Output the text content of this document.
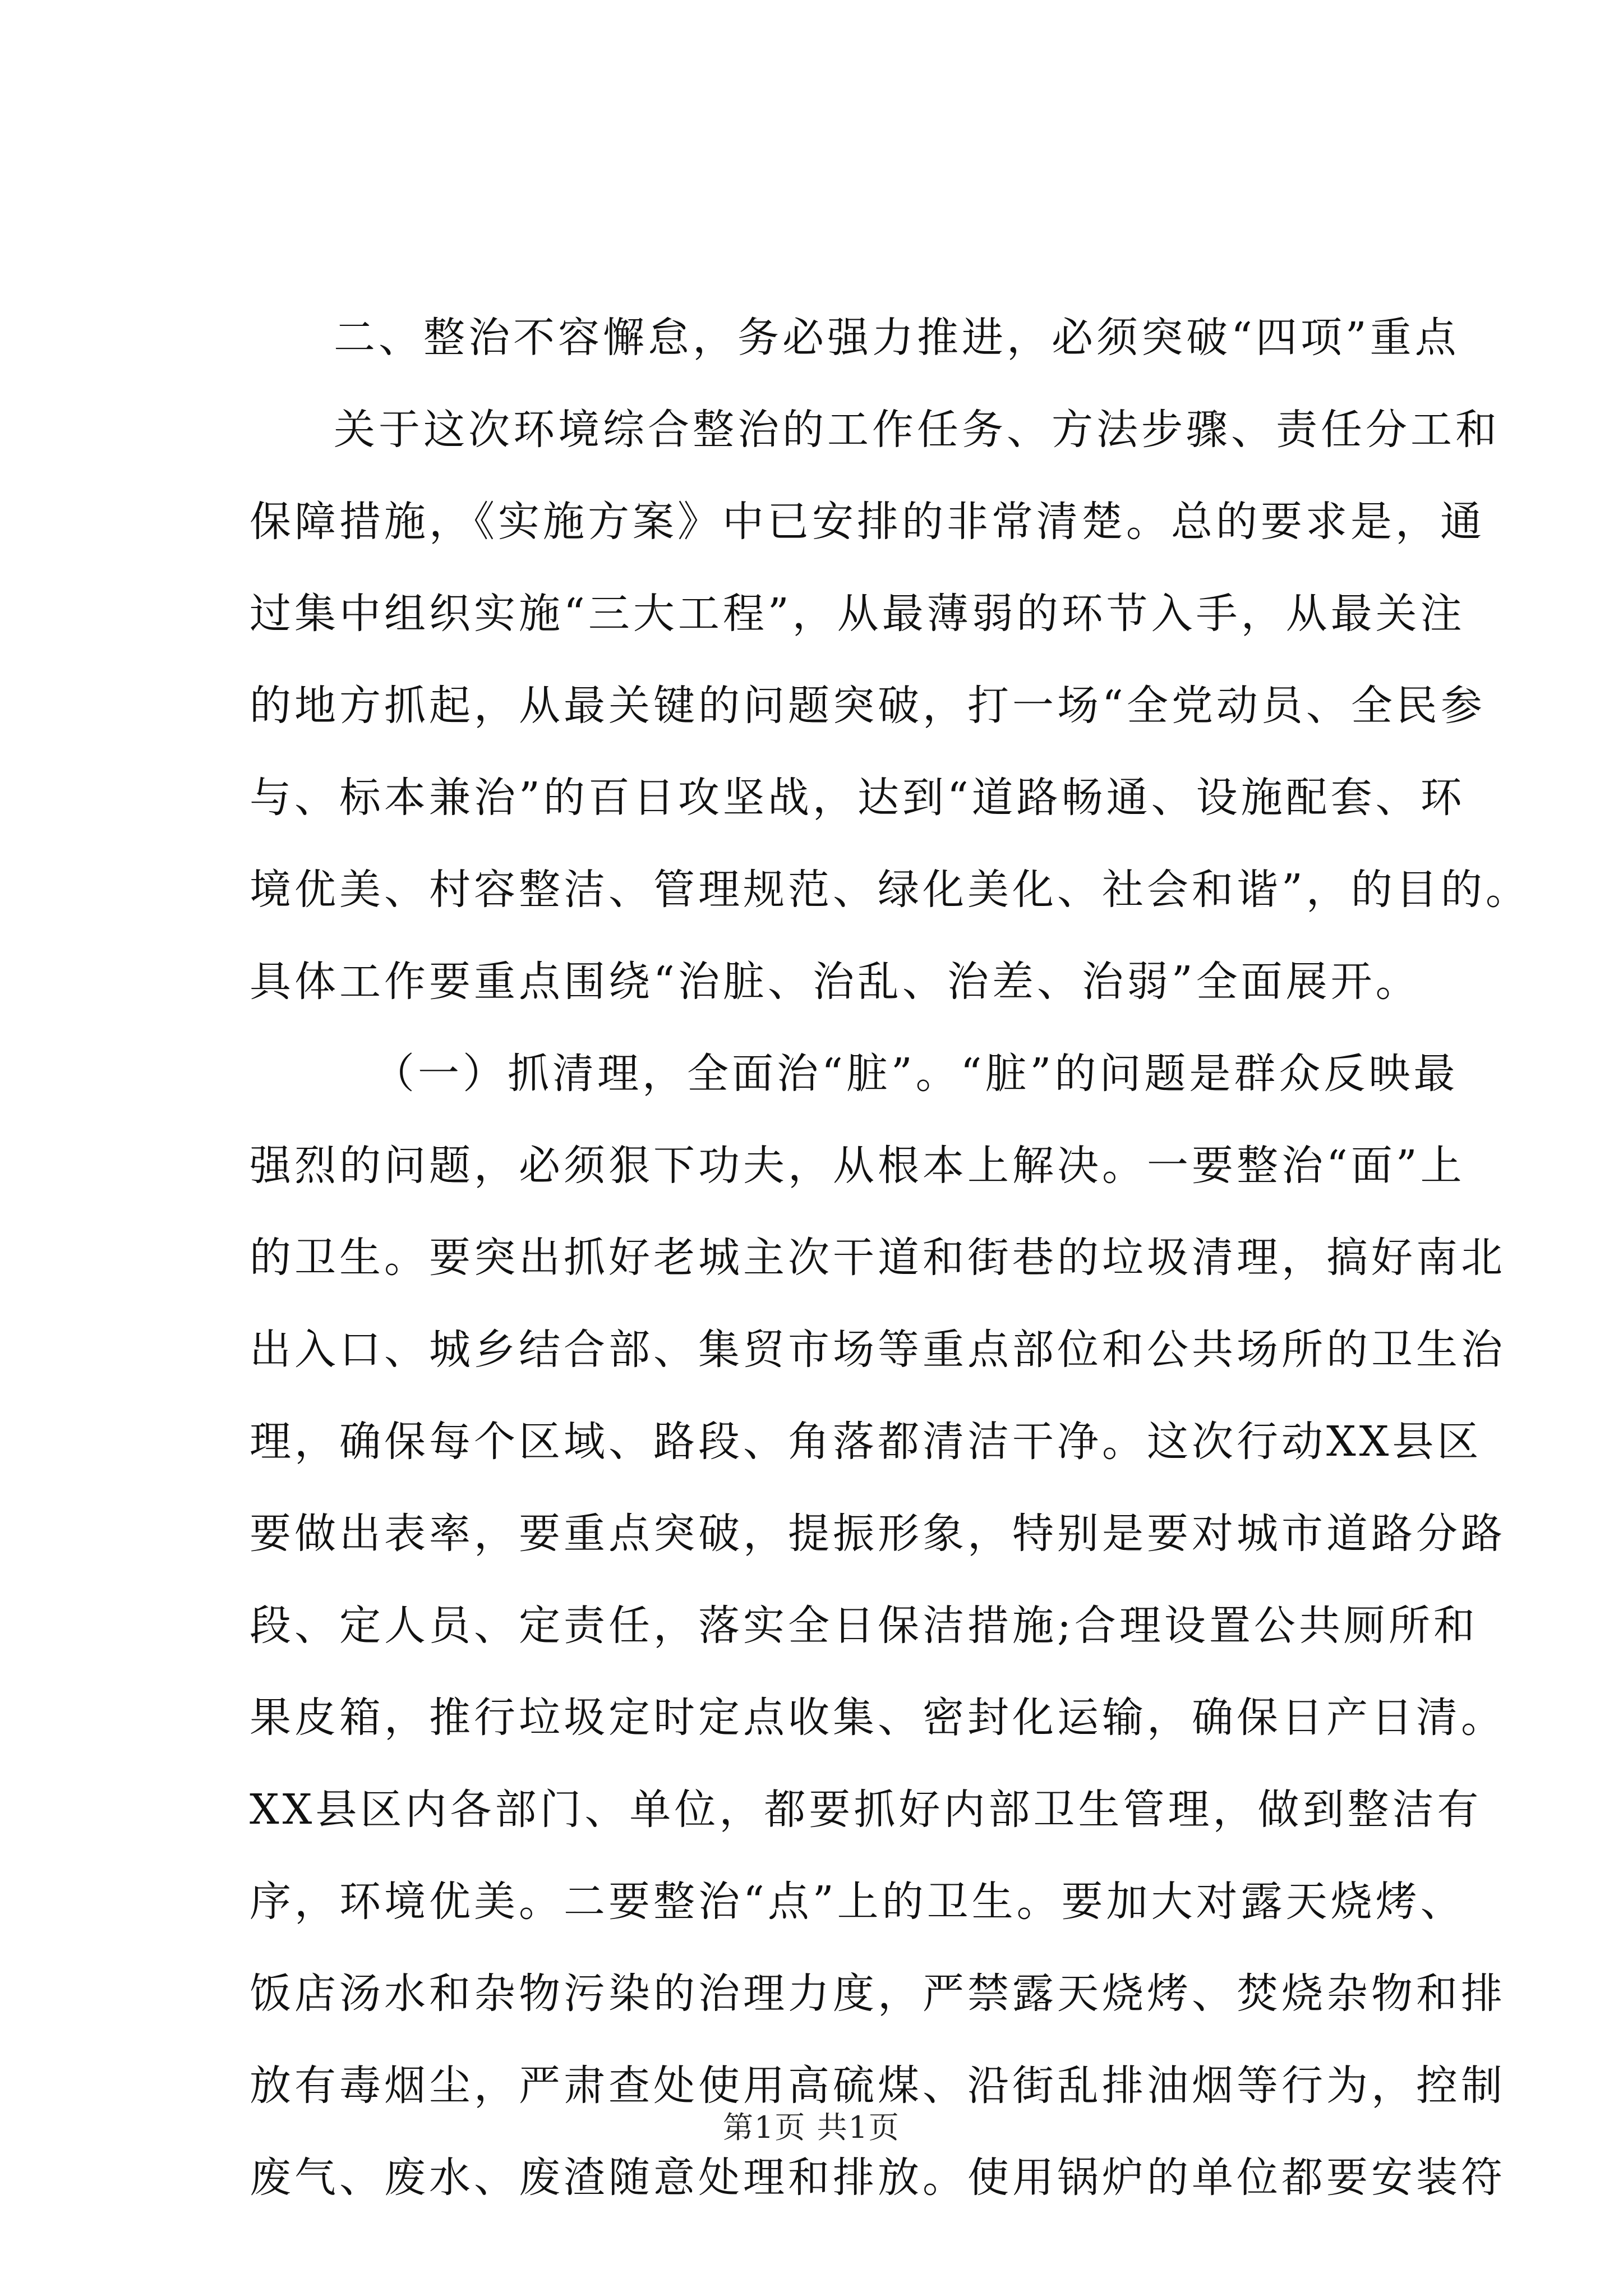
二、整治不容懈怠，务必强力推进，必须突破“四项”重点
关于这次环境综合整治的工作任务、方法步骤、责任分工和
保障措施，《实施方案》中已安排的非常清楚。总的要求是，通
过集中组织实施“三大工程”，从最薄弱的环节入手，从最关注
的地方抓起，从最关键的问题突破，打一场“全党动员、全民参
与、标本兼治”的百日攻坚战，达到“道路畅通、设施配套、环
境优美、村容整洁、管理规范、绿化美化、社会和谐”，的目的。
具体工作要重点围绕“治脏、治乱、治差、治弱”全面展开。
（一）抓清理，全面治“脏”。“脏”的问题是群众反映最
强烈的问题，必须狠下功夫，从根本上解决。一要整治“面”上
的卫生。要突出抓好老城主次干道和街巷的垃圾清理，搞好南北
出入口、城乡结合部、集贸市场等重点部位和公共场所的卫生治
理，确保每个区域、路段、角落都清洁干净。这次行动XX县区
要做出表率，要重点突破，提振形象，特别是要对城市道路分路
段、定人员、定责任，落实全日保洁措施;合理设置公共厕所和
果皮箱，推行垃圾定时定点收集、密封化运输，确保日产日清。
XX县区内各部门、单位，都要抓好内部卫生管理，做到整洁有
序，环境优美。二要整治“点”上的卫生。要加大对露天烧烤、
饭店汤水和杂物污染的治理力度，严禁露天烧烤、焚烧杂物和排
放有毒烟尘，严肃查处使用高硫煤、沿街乱排油烟等行为，控制
废气、废水、废渣随意处理和排放。使用锅炉的单位都要安装符
第1页 共1页
